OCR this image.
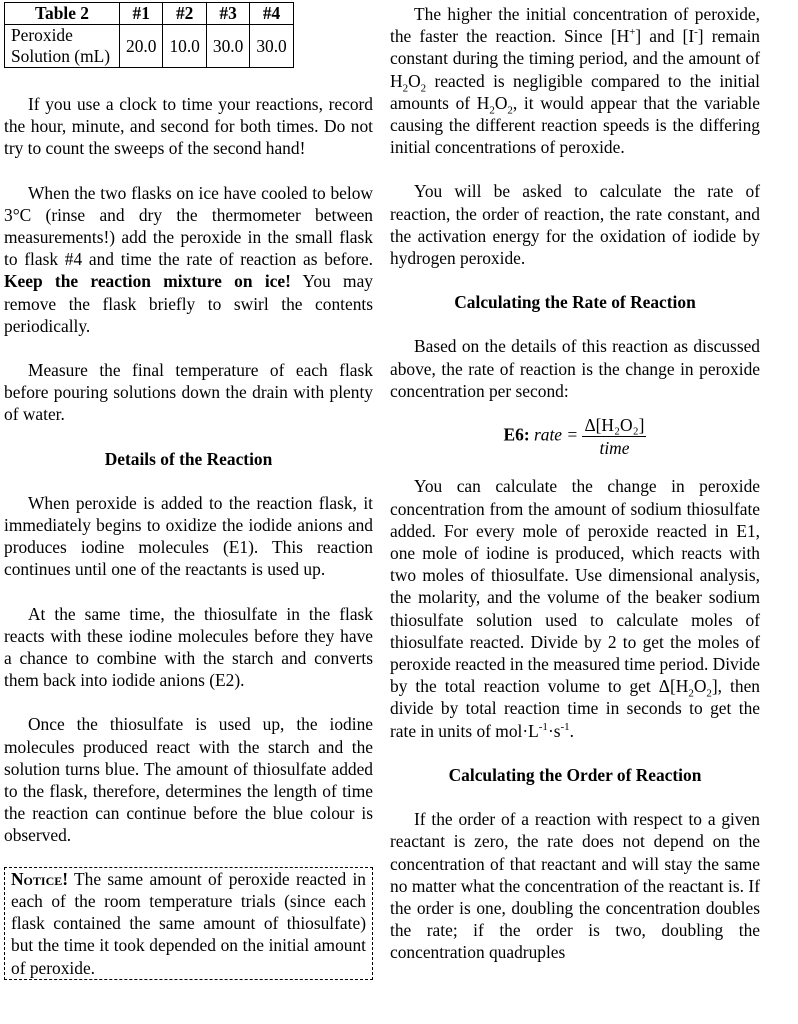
Table 2	#1	#2	#3	#4
Peroxide
Solution (mL)	20.0	10.0	30.0	30.0

If you use a clock to time your reactions, record the hour, minute, and second for both times. Do not try to count the sweeps of the second hand!

When the two flasks on ice have cooled to below 3°C (rinse and dry the thermometer between measurements!) add the peroxide in the small flask to flask #4 and time the rate of reaction as before. Keep the reaction mixture on ice! You may remove the flask briefly to swirl the contents periodically.

Measure the final temperature of each flask before pouring solutions down the drain with plenty of water.

Details of the Reaction

When peroxide is added to the reaction flask, it immediately begins to oxidize the iodide anions and produces iodine molecules (E1). This reaction continues until one of the reactants is used up.

At the same time, the thiosulfate in the flask reacts with these iodine molecules before they have a chance to combine with the starch and converts them back into iodide anions (E2).

Once the thiosulfate is used up, the iodine molecules produced react with the starch and the solution turns blue. The amount of thiosulfate added to the flask, therefore, determines the length of time the reaction can continue before the blue colour is observed.

Notice! The same amount of peroxide reacted in each of the room temperature trials (since each flask contained the same amount of thiosulfate) but the time it took depended on the initial amount of peroxide.

The higher the initial concentration of peroxide, the faster the reaction. Since [H+] and [I-] remain constant during the timing period, and the amount of $H_2O_2$ reacted is negligible compared to the initial amounts of $H_2O_2$, it would appear that the variable causing the different reaction speeds is the differing initial concentrations of peroxide.

You will be asked to calculate the rate of reaction, the order of reaction, the rate constant, and the activation energy for the oxidation of iodide by hydrogen peroxide.

Calculating the Rate of Reaction

Based on the details of this reaction as discussed above, the rate of reaction is the change in peroxide concentration per second:

E6: rate = $\frac{\text{Δ[H₂O₂]}}{\text{time}}$

You can calculate the change in peroxide concentration from the amount of sodium thiosulfate added. For every mole of peroxide reacted in E1, one mole of iodine is produced, which reacts with two moles of thiosulfate. Use dimensional analysis, the molarity, and the volume of the beaker sodium thiosulfate solution used to calculate moles of thiosulfate reacted. Divide by 2 to get the moles of peroxide reacted in the measured time period. Divide by the total reaction volume to get $\Delta[H_2O_2]$, then divide by total reaction time in seconds to get the rate in units of $mol\cdot L^{-1}\cdot s^{-1}$.

Calculating the Order of Reaction

If the order of a reaction with respect to a given reactant is zero, the rate does not depend on the concentration of that reactant and will stay the same no matter what the concentration of the reactant is. If the order is one, doubling the concentration doubles the rate; if the order is two, doubling the concentration quadruples
